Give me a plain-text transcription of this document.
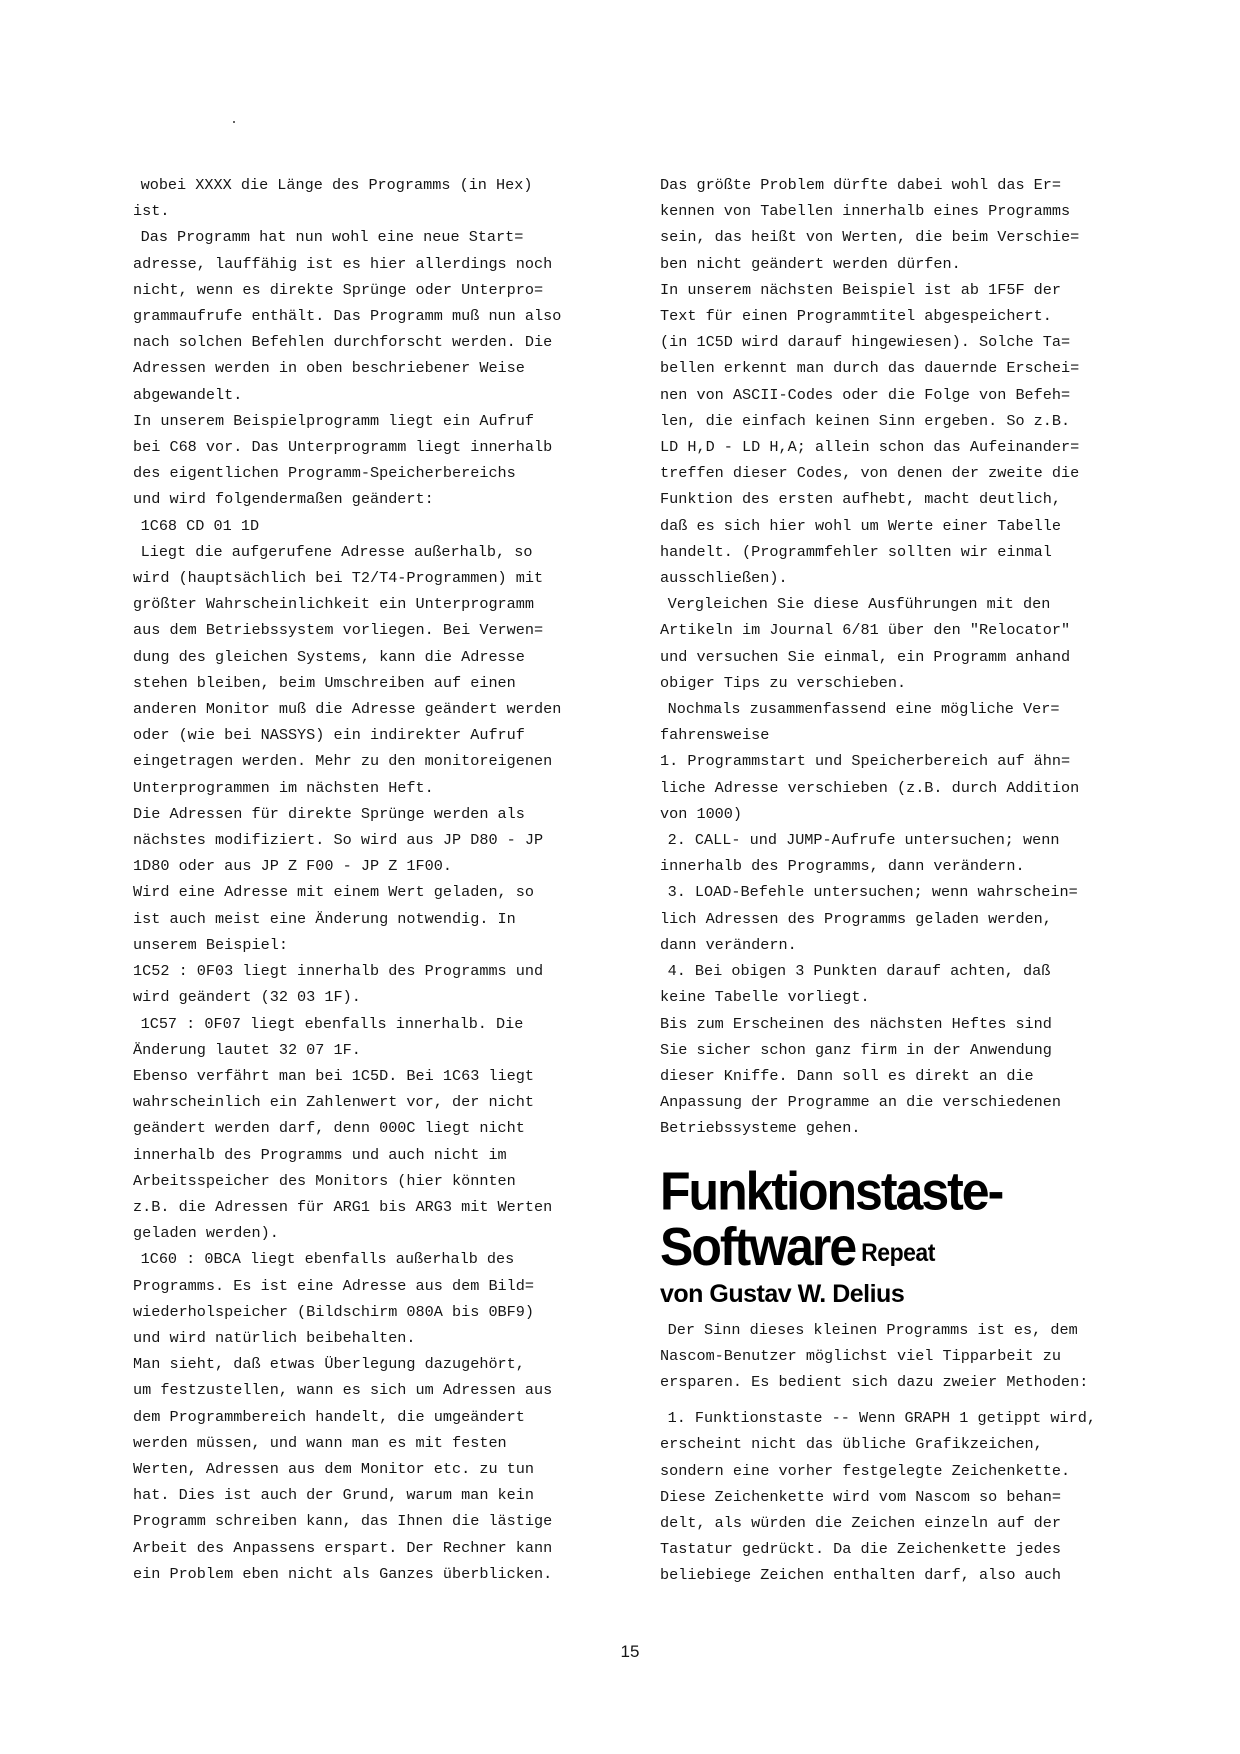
wobei XXXX die Länge des Programms (in Hex)
ist.

Das Programm hat nun wohl eine neue Start=
adresse, lauffähig ist es hier allerdings noch
nicht, wenn es direkte Sprünge oder Unterpro=
grammaufrufe enthält. Das Programm muß nun also
nach solchen Befehlen durchforscht werden. Die
Adressen werden in oben beschriebener Weise
abgewandelt.

In unserem Beispielprogramm liegt ein Aufruf
bei C68 vor. Das Unterprogramm liegt innerhalb
des eigentlichen Programm-Speicherbereichs
und wird folgendermaßen geändert:

1C68 CD 01 1D

Liegt die aufgerufene Adresse außerhalb, so
wird (hauptsächlich bei T2/T4-Programmen) mit
größter Wahrscheinlichkeit ein Unterprogramm
aus dem Betriebssystem vorliegen. Bei Verwen=
dung des gleichen Systems, kann die Adresse
stehen bleiben, beim Umschreiben auf einen
anderen Monitor muß die Adresse geändert werden
oder (wie bei NASSYS) ein indirekter Aufruf
eingetragen werden. Mehr zu den monitoreigenen
Unterprogrammen im nächsten Heft.

Die Adressen für direkte Sprünge werden als
nächstes modifiziert. So wird aus JP D80 - JP
1D80 oder aus JP Z F00 - JP Z 1F00.

Wird eine Adresse mit einem Wert geladen, so
ist auch meist eine Änderung notwendig. In
unserem Beispiel:

1C52 : 0F03 liegt innerhalb des Programms und
wird geändert (32 03 1F).

1C57 : 0F07 liegt ebenfalls innerhalb. Die
Änderung lautet 32 07 1F.

Ebenso verfährt man bei 1C5D. Bei 1C63 liegt
wahrscheinlich ein Zahlenwert vor, der nicht
geändert werden darf, denn 000C liegt nicht
innerhalb des Programms und auch nicht im
Arbeitsspeicher des Monitors (hier könnten
z.B. die Adressen für ARG1 bis ARG3 mit Werten
geladen werden).

1C60 : 0BCA liegt ebenfalls außerhalb des
Programms. Es ist eine Adresse aus dem Bild=
wiederholspeicher (Bildschirm 080A bis 0BF9)
und wird natürlich beibehalten.

Man sieht, daß etwas Überlegung dazugehört,
um festzustellen, wann es sich um Adressen aus
dem Programmbereich handelt, die umgeändert
werden müssen, und wann man es mit festen
Werten, Adressen aus dem Monitor etc. zu tun
hat. Dies ist auch der Grund, warum man kein
Programm schreiben kann, das Ihnen die lästige
Arbeit des Anpassens erspart. Der Rechner kann
ein Problem eben nicht als Ganzes überblicken.

Das größte Problem dürfte dabei wohl das Er=
kennen von Tabellen innerhalb eines Programms
sein, das heißt von Werten, die beim Verschie=
ben nicht geändert werden dürfen.

In unserem nächsten Beispiel ist ab 1F5F der
Text für einen Programmtitel abgespeichert.
(in 1C5D wird darauf hingewiesen). Solche Ta=
bellen erkennt man durch das dauernde Erschei=
nen von ASCII-Codes oder die Folge von Befeh=
len, die einfach keinen Sinn ergeben. So z.B.
LD H,D - LD H,A; allein schon das Aufeinander=
treffen dieser Codes, von denen der zweite die
Funktion des ersten aufhebt, macht deutlich,
daß es sich hier wohl um Werte einer Tabelle
handelt. (Programmfehler sollten wir einmal
ausschließen).

Vergleichen Sie diese Ausführungen mit den
Artikeln im Journal 6/81 über den "Relocator"
und versuchen Sie einmal, ein Programm anhand
obiger Tips zu verschieben.

Nochmals zusammenfassend eine mögliche Ver=
fahrensweise

1. Programmstart und Speicherbereich auf ähn=
liche Adresse verschieben (z.B. durch Addition
von 1000)

2. CALL- und JUMP-Aufrufe untersuchen; wenn
innerhalb des Programms, dann verändern.

3. LOAD-Befehle untersuchen; wenn wahrschein=
lich Adressen des Programms geladen werden,
dann verändern.

4. Bei obigen 3 Punkten darauf achten, daß
keine Tabelle vorliegt.

Bis zum Erscheinen des nächsten Heftes sind
Sie sicher schon ganz firm in der Anwendung
dieser Kniffe. Dann soll es direkt an die
Anpassung der Programme an die verschiedenen
Betriebssysteme gehen.

Funktionstaste-
Software Repeat
von Gustav W. Delius

Der Sinn dieses kleinen Programms ist es, dem
Nascom-Benutzer möglichst viel Tipparbeit zu
ersparen. Es bedient sich dazu zweier Methoden:

1. Funktionstaste -- Wenn GRAPH 1 getippt wird,
erscheint nicht das übliche Grafikzeichen,
sondern eine vorher festgelegte Zeichenkette.
Diese Zeichenkette wird vom Nascom so behan=
delt, als würden die Zeichen einzeln auf der
Tastatur gedrückt. Da die Zeichenkette jedes
beliebiege Zeichen enthalten darf, also auch

15
